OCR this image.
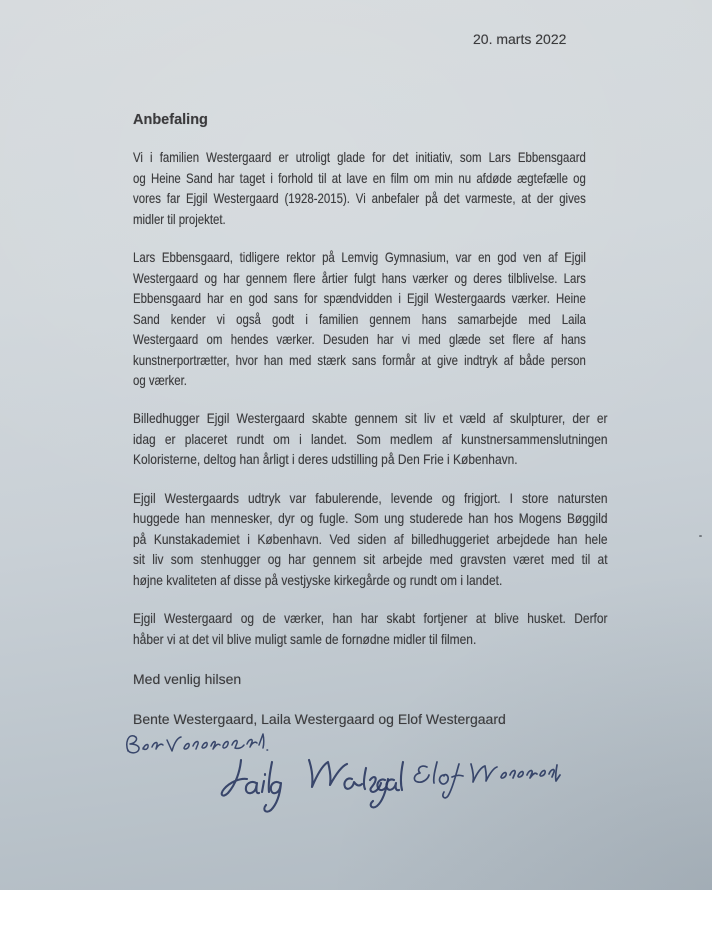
20. marts 2022
Anbefaling

Vi i familien Westergaard er utroligt glade for det initiativ, som Lars Ebbensgaard
og Heine Sand har taget i forhold til at lave en film om min nu afdøde ægtefælle og
vores far Ejgil Westergaard (1928-2015). Vi anbefaler på det varmeste, at der gives
midler til projektet.

Lars Ebbensgaard, tidligere rektor på Lemvig Gymnasium, var en god ven af Ejgil
Westergaard og har gennem flere årtier fulgt hans værker og deres tilblivelse. Lars
Ebbensgaard har en god sans for spændvidden i Ejgil Westergaards værker. Heine
Sand kender vi også godt i familien gennem hans samarbejde med Laila
Westergaard om hendes værker. Desuden har vi med glæde set flere af hans
kunstnerportrætter, hvor han med stærk sans formår at give indtryk af både person
og værker.

Billedhugger Ejgil Westergaard skabte gennem sit liv et væld af skulpturer, der er
idag er placeret rundt om i landet. Som medlem af kunstnersammenslutningen
Koloristerne, deltog han årligt i deres udstilling på Den Frie i København.

Ejgil Westergaards udtryk var fabulerende, levende og frigjort. I store natursten
huggede han mennesker, dyr og fugle. Som ung studerede han hos Mogens Bøggild
på Kunstakademiet i København. Ved siden af billedhuggeriet arbejdede han hele
sit liv som stenhugger og har gennem sit arbejde med gravsten været med til at
højne kvaliteten af disse på vestjyske kirkegårde og rundt om i landet.

Ejgil Westergaard og de værker, han har skabt fortjener at blive husket. Derfor
håber vi at det vil blive muligt samle de fornødne midler til filmen.

Med venlig hilsen
Bente Westergaard, Laila Westergaard og Elof Westergaard
